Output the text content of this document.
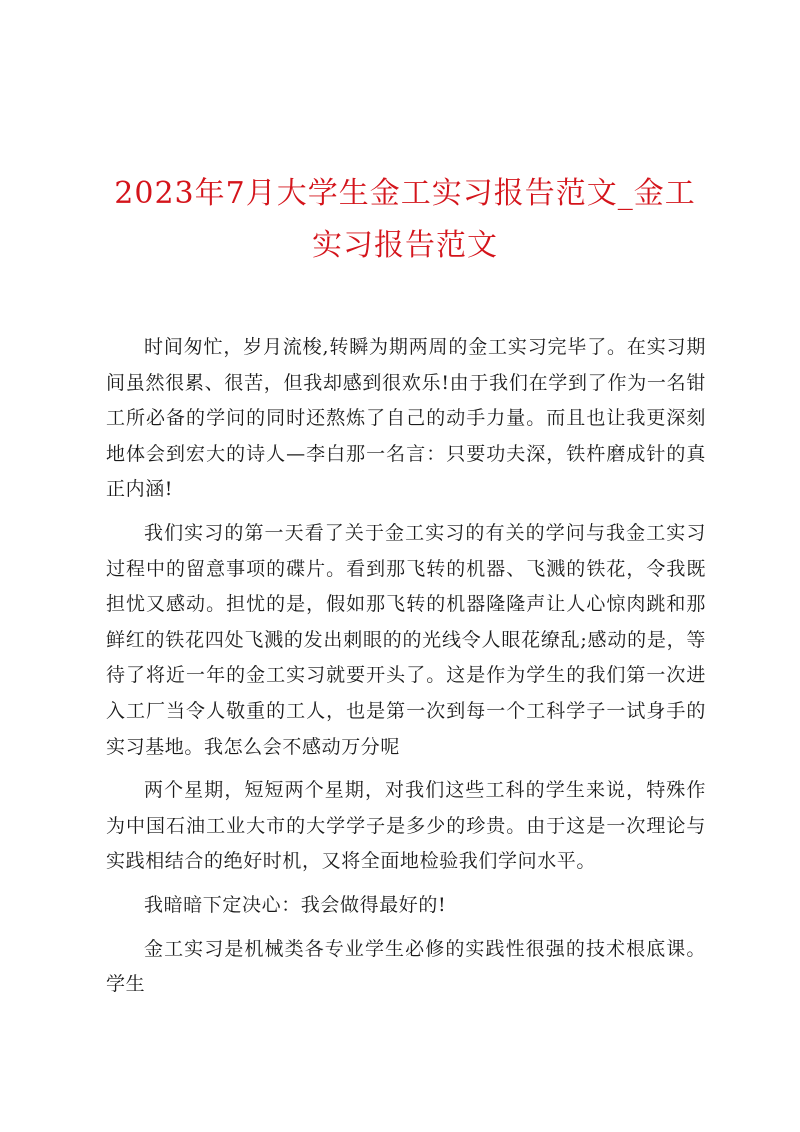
2023年7月大学生金工实习报告范文_金工实习报告范文

时间匆忙，岁月流梭,转瞬为期两周的金工实习完毕了。在实习期间虽然很累、很苦，但我却感到很欢乐!由于我们在学到了作为一名钳工所必备的学问的同时还熬炼了自己的动手力量。而且也让我更深刻地体会到宏大的诗人—李白那一名言：只要功夫深，铁杵磨成针的真正内涵!

我们实习的第一天看了关于金工实习的有关的学问与我金工实习过程中的留意事项的碟片。看到那飞转的机器、飞溅的铁花，令我既担忧又感动。担忧的是，假如那飞转的机器隆隆声让人心惊肉跳和那鲜红的铁花四处飞溅的发出刺眼的的光线令人眼花缭乱;感动的是，等待了将近一年的金工实习就要开头了。这是作为学生的我们第一次进入工厂当令人敬重的工人，也是第一次到每一个工科学子一试身手的实习基地。我怎么会不感动万分呢

两个星期，短短两个星期，对我们这些工科的学生来说，特殊作为中国石油工业大市的大学学子是多少的珍贵。由于这是一次理论与实践相结合的绝好时机，又将全面地检验我们学问水平。

我暗暗下定决心：我会做得最好的!

金工实习是机械类各专业学生必修的实践性很强的技术根底课。学生
